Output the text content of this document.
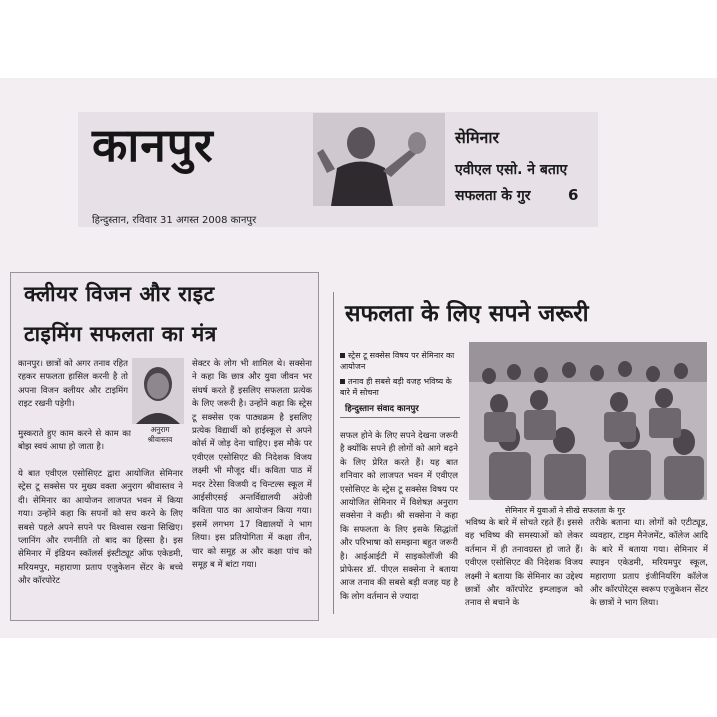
कानपुर
हिन्दुस्तान, रविवार 31 अगस्त 2008 कानपुर
सेमिनार
एवीएल एसो. ने बताए
सफलता के गुर	6
क्लीयर विजन और राइट
टाइमिंग सफलता का मंत्र
कानपुर। छात्रों को अगर तनाव रहित रहकर सफलता हासिल करनी है तो अपना विजन क्लीयर और टाइमिंग राइट रखनी पड़ेगी।
अनुराग
श्रीवास्तव
मुस्कराते हुए काम करने से काम का बोझ स्वयं आधा हो जाता है।
ये बात एवीएल एसोसिएट द्वारा आयोजित सेमिनार स्ट्रेस टू सक्सेस पर मुख्य वक्ता अनुराग श्रीवास्तव ने दी। सेमिनार का आयोजन लाजपत भवन में किया गया। उन्होंने कहा कि सपनों को सच करने के लिए सबसे पहले अपने सपने पर विश्वास रखना सिखिए। प्लानिंग और रणनीति तो बाद का हिस्सा है। इस सेमिनार में इंडियन स्कॉलर्स इंस्टीट्यूट ऑफ एकेडमी, मरियमपुर, महाराणा प्रताप एजुकेशन सेंटर के बच्चे और कॉरपोरेट
सेक्टर के लोग भी शामिल थे। सक्सेना ने कहा कि छात्र और युवा जीवन भर संघर्ष करते हैं इसलिए सफलता प्रत्येक के लिए जरूरी है। उन्होंने कहा कि स्ट्रेस टू सक्सेस एक पाठ्यक्रम है इसलिए प्रत्येक विद्यार्थी को हाईस्कूल से अपने कोर्स में जोड़ देना चाहिए। इस मौके पर एवीएल एसोसिएट की निदेशक विजय लक्ष्मी भी मौजूद थीं। कविता पाठ में मदर टेरेसा विजयी द चिन्टल्स स्कूल में आईसीएसई अन्तर्विद्यालयी अंग्रेजी कविता पाठ का आयोजन किया गया। इसमें लगभग 17 विद्यालयों ने भाग लिया। इस प्रतियोगिता में कक्षा तीन, चार को समूह अ और कक्षा पांच को समूह ब में बांटा गया।
सफलता के लिए सपने जरूरी
स्ट्रेस टू सक्सेस विषय पर सेमिनार का आयोजन
तनाव ही सबसे बड़ी वजह भविष्य के बारे में सोचना
हिन्दुस्तान संवाद कानपुर
सफल होने के लिए सपने देखना जरूरी है क्योंकि सपने ही लोगों को आगे बढ़ने के लिए प्रेरित करते हैं। यह बात शनिवार को लाजपत भवन में एवीएल एसोसिएट के स्ट्रेस टू सक्सेस विषय पर आयोजित सेमिनार में विशेषज्ञ अनुराग सक्सेना ने कही। श्री सक्सेना ने कहा कि सफलता के लिए इसके सिद्धांतों और परिभाषा को समझना बहुत जरूरी है। आईआईटी में साइकोलॉजी की प्रोफेसर डॉ. पीएल सक्सेना ने बताया आज तनाव की सबसे बड़ी वजह यह है कि लोग वर्तमान से ज्यादा
सेमिनार में युवाओं ने सीखे सफलता के गुर
भविष्य के बारे में सोचते रहते हैं। इससे वह भविष्य की समस्याओं को लेकर वर्तमान में ही तनावग्रस्त हो जाते हैं। एवीएल एसोसिएट की निदेशक विजय लक्ष्मी ने बताया कि सेमिनार का उद्देश्य छात्रों और कॉरपोरेट इम्प्लाइज को तनाव से बचाने के
तरीके बताना था। लोगों को एटीट्यूड, व्यवहार, टाइम मैनेजमेंट, कॉलेज आदि के बारे में बताया गया। सेमिनार में स्पाइन एकेडमी, मरियमपुर स्कूल, महाराणा प्रताप इंजीनियरिंग कॉलेज और कॉरपोरेट्स स्वरूप एजुकेशन सेंटर के छात्रों ने भाग लिया।
